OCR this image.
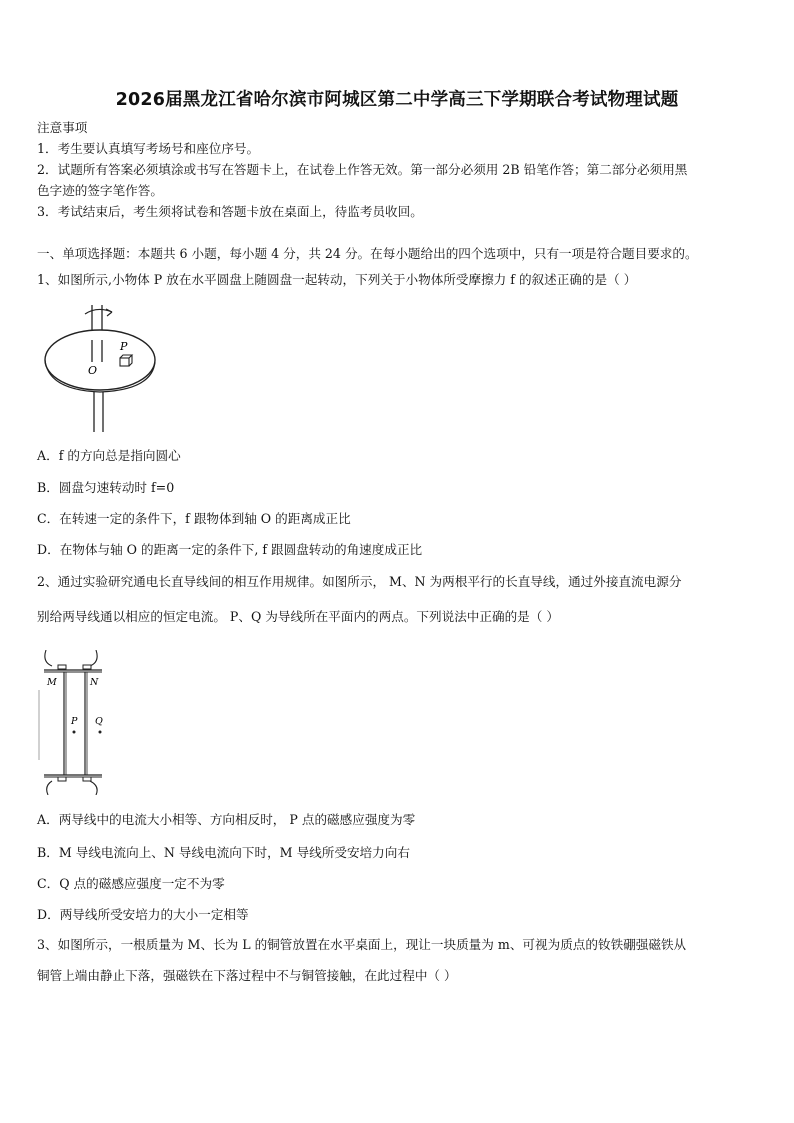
2026届黑龙江省哈尔滨市阿城区第二中学高三下学期联合考试物理试题
注意事项
1．考生要认真填写考场号和座位序号。
2．试题所有答案必须填涂或书写在答题卡上，在试卷上作答无效。第一部分必须用 2B 铅笔作答；第二部分必须用黑
色字迹的签字笔作答。
3．考试结束后，考生须将试卷和答题卡放在桌面上，待监考员收回。
一、单项选择题：本题共 6 小题，每小题 4 分，共 24 分。在每小题给出的四个选项中，只有一项是符合题目要求的。
1、如图所示,小物体 P 放在水平圆盘上随圆盘一起转动，下列关于小物体所受摩擦力 f 的叙述正确的是（ ）
P
O
A．f 的方向总是指向圆心
B．圆盘匀速转动时 f=0
C．在转速一定的条件下，f 跟物体到轴 O 的距离成正比
D．在物体与轴 O 的距离一定的条件下, f 跟圆盘转动的角速度成正比
2、通过实验研究通电长直导线间的相互作用规律。如图所示， M、N 为两根平行的长直导线，通过外接直流电源分
别给两导线通以相应的恒定电流。 P、Q 为导线所在平面内的两点。下列说法中正确的是（ ）
M	N
P Q
A．两导线中的电流大小相等、方向相反时， P 点的磁感应强度为零
B．M 导线电流向上、N 导线电流向下时，M 导线所受安培力向右
C．Q 点的磁感应强度一定不为零
D．两导线所受安培力的大小一定相等
3、如图所示，一根质量为 M、长为 L 的铜管放置在水平桌面上，现让一块质量为 m、可视为质点的钕铁硼强磁铁从
铜管上端由静止下落，强磁铁在下落过程中不与铜管接触，在此过程中（ ）
